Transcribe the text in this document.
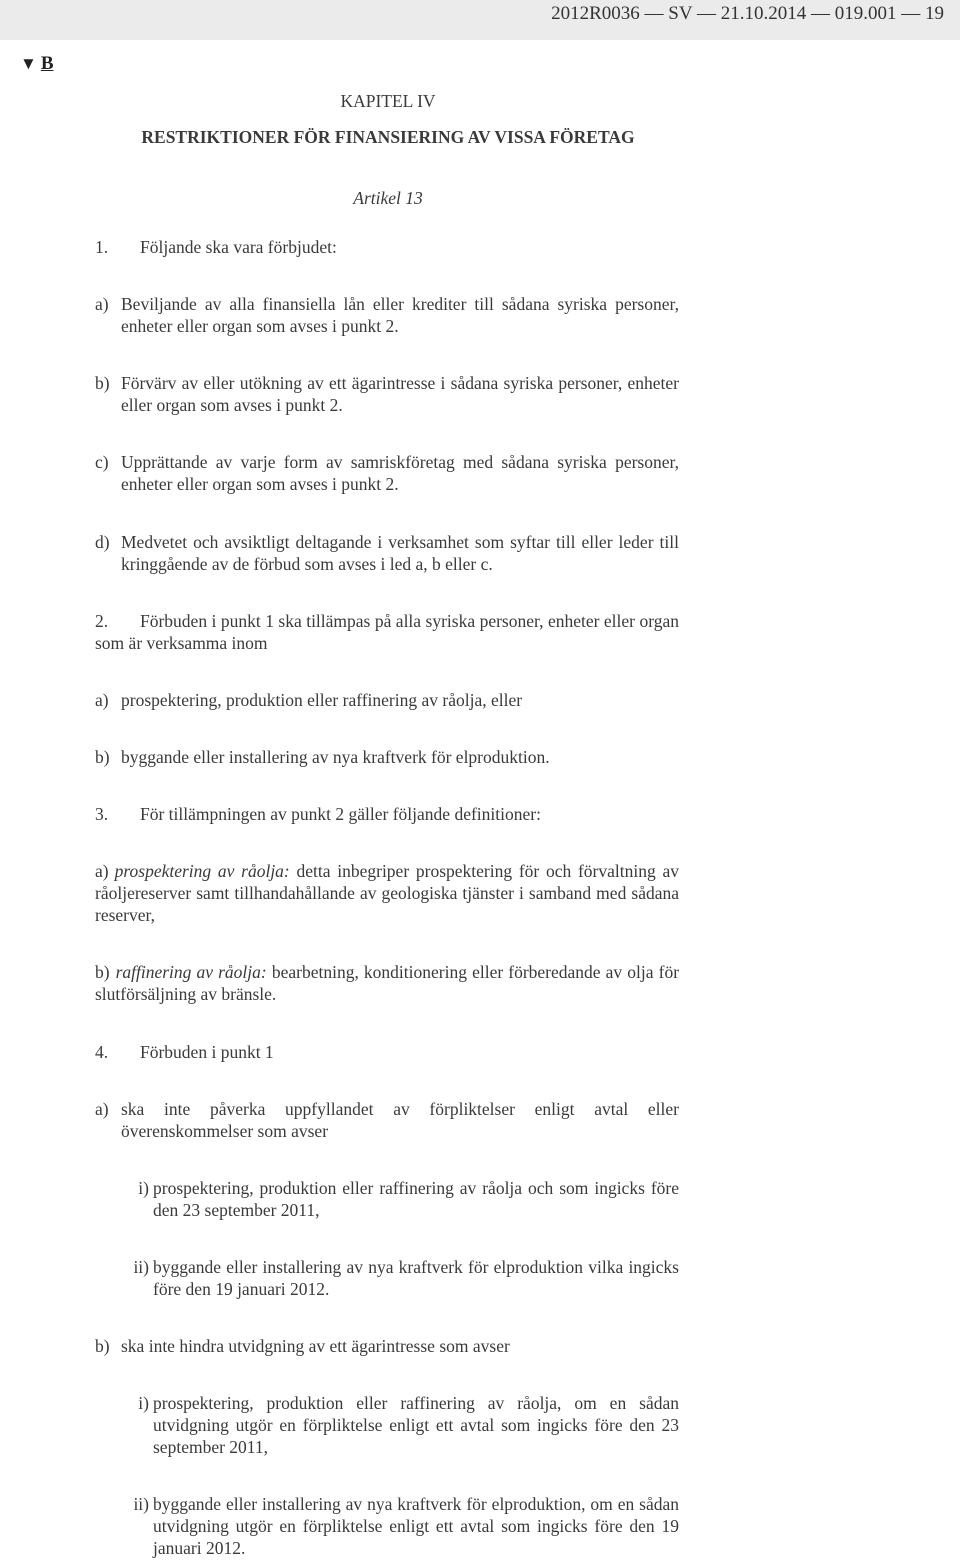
2012R0036 — SV — 21.10.2014 — 019.001 — 19
▼ B
KAPITEL IV
RESTRIKTIONER FÖR FINANSIERING AV VISSA FÖRETAG
Artikel 13
1. Följande ska vara förbjudet:
a) Beviljande av alla finansiella lån eller krediter till sådana syriska personer, enheter eller organ som avses i punkt 2.
b) Förvärv av eller utökning av ett ägarintresse i sådana syriska personer, enheter eller organ som avses i punkt 2.
c) Upprättande av varje form av samriskföretag med sådana syriska personer, enheter eller organ som avses i punkt 2.
d) Medvetet och avsiktligt deltagande i verksamhet som syftar till eller leder till kringgående av de förbud som avses i led a, b eller c.
2. Förbuden i punkt 1 ska tillämpas på alla syriska personer, enheter eller organ som är verksamma inom
a) prospektering, produktion eller raffinering av råolja, eller
b) byggande eller installering av nya kraftverk för elproduktion.
3. För tillämpningen av punkt 2 gäller följande definitioner:
a) prospektering av råolja: detta inbegriper prospektering för och förvaltning av råoljereserver samt tillhandahållande av geologiska tjänster i samband med sådana reserver,
b) raffinering av råolja: bearbetning, konditionering eller förberedande av olja för slutförsäljning av bränsle.
4. Förbuden i punkt 1
a) ska inte påverka uppfyllandet av förpliktelser enligt avtal eller överenskommelser som avser
i) prospektering, produktion eller raffinering av råolja och som ingicks före den 23 september 2011,
ii) byggande eller installering av nya kraftverk för elproduktion vilka ingicks före den 19 januari 2012.
b) ska inte hindra utvidgning av ett ägarintresse som avser
i) prospektering, produktion eller raffinering av råolja, om en sådan utvidgning utgör en förpliktelse enligt ett avtal som ingicks före den 23 september 2011,
ii) byggande eller installering av nya kraftverk för elproduktion, om en sådan utvidgning utgör en förpliktelse enligt ett avtal som ingicks före den 19 januari 2012.
